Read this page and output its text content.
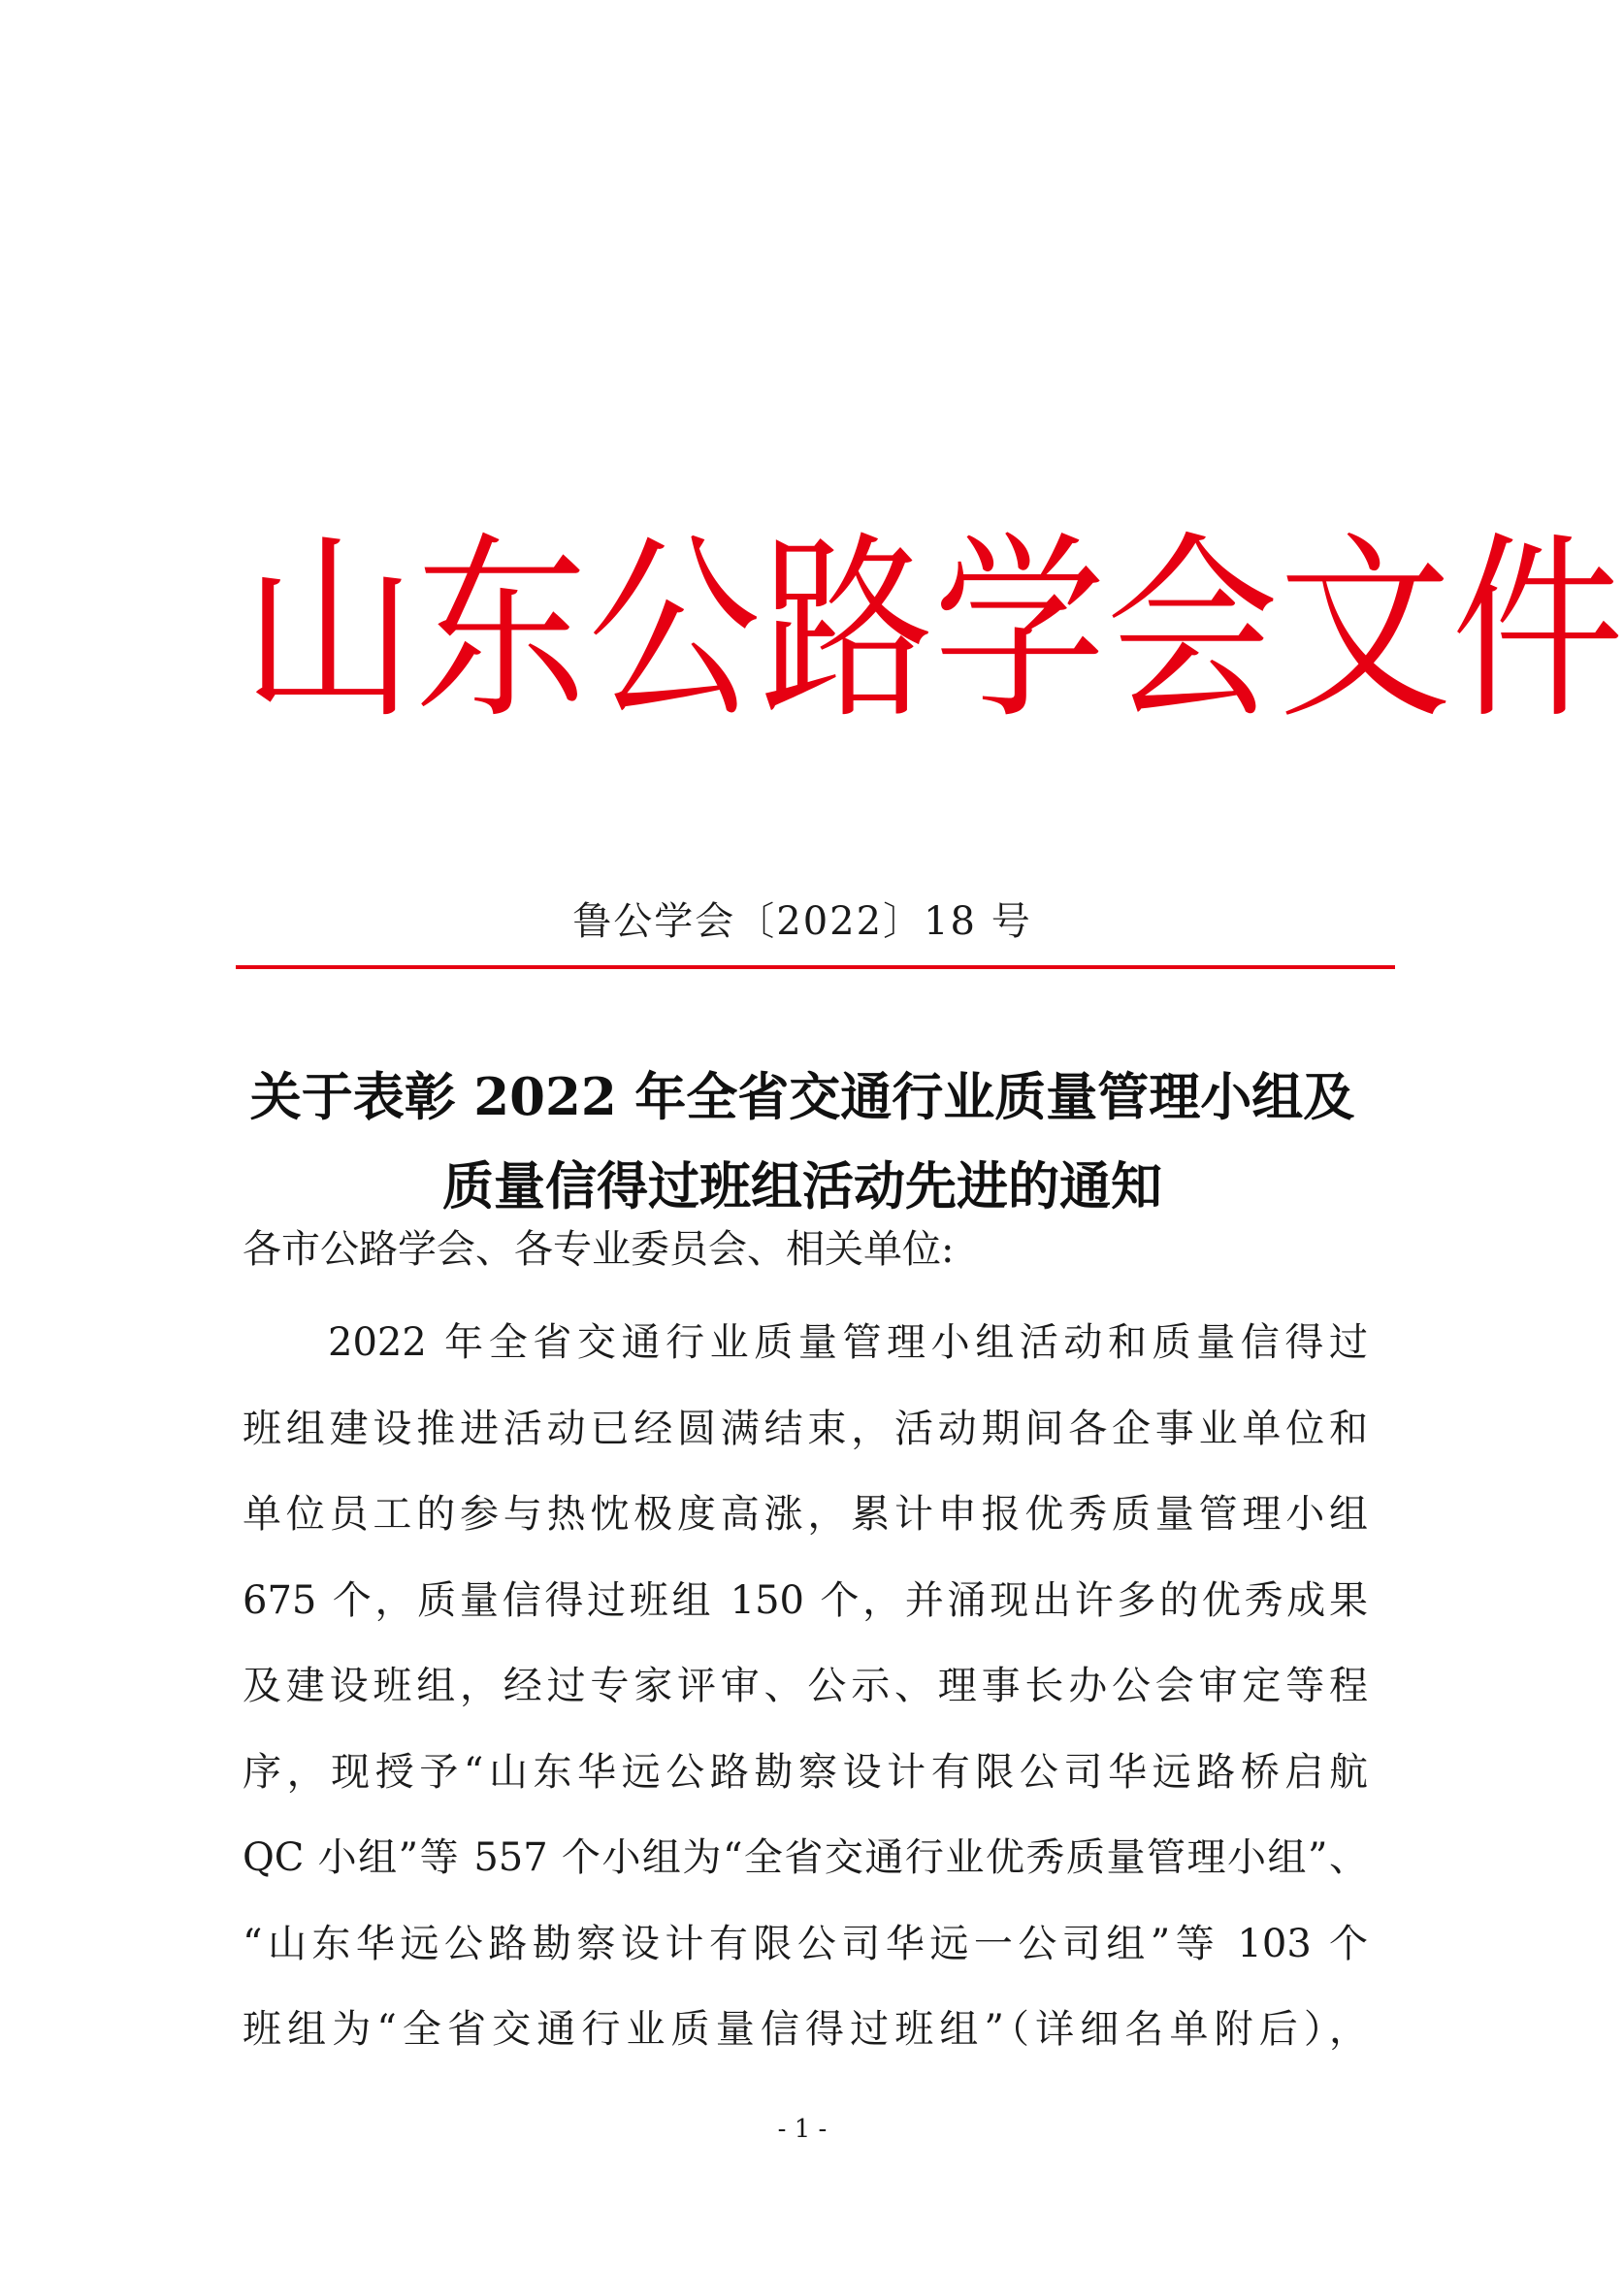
山 东 公 路 学 会 文 件
鲁公学会〔2022〕18 号
关于表彰 2022 年全省交通行业质量管理小组及
质量信得过班组活动先进的通知
各市公路学会、各专业委员会、相关单位:
2022 年全省交通行业质量管理小组活动和质量信得过
班组建设推进活动已经圆满结束，活动期间各企事业单位和
单位员工的参与热忱极度高涨，累计申报优秀质量管理小组
675 个，质量信得过班组 150 个，并涌现出许多的优秀成果
及建设班组，经过专家评审、公示、理事长办公会审定等程
序，现授予“山东华远公路勘察设计有限公司华远路桥启航
QC 小组”等 557 个小组为“全省交通行业优秀质量管理小组”、
“山东华远公路勘察设计有限公司华远一公司组”等 103 个
班组为“全省交通行业质量信得过班组”（详细名单附后），
- 1 -
